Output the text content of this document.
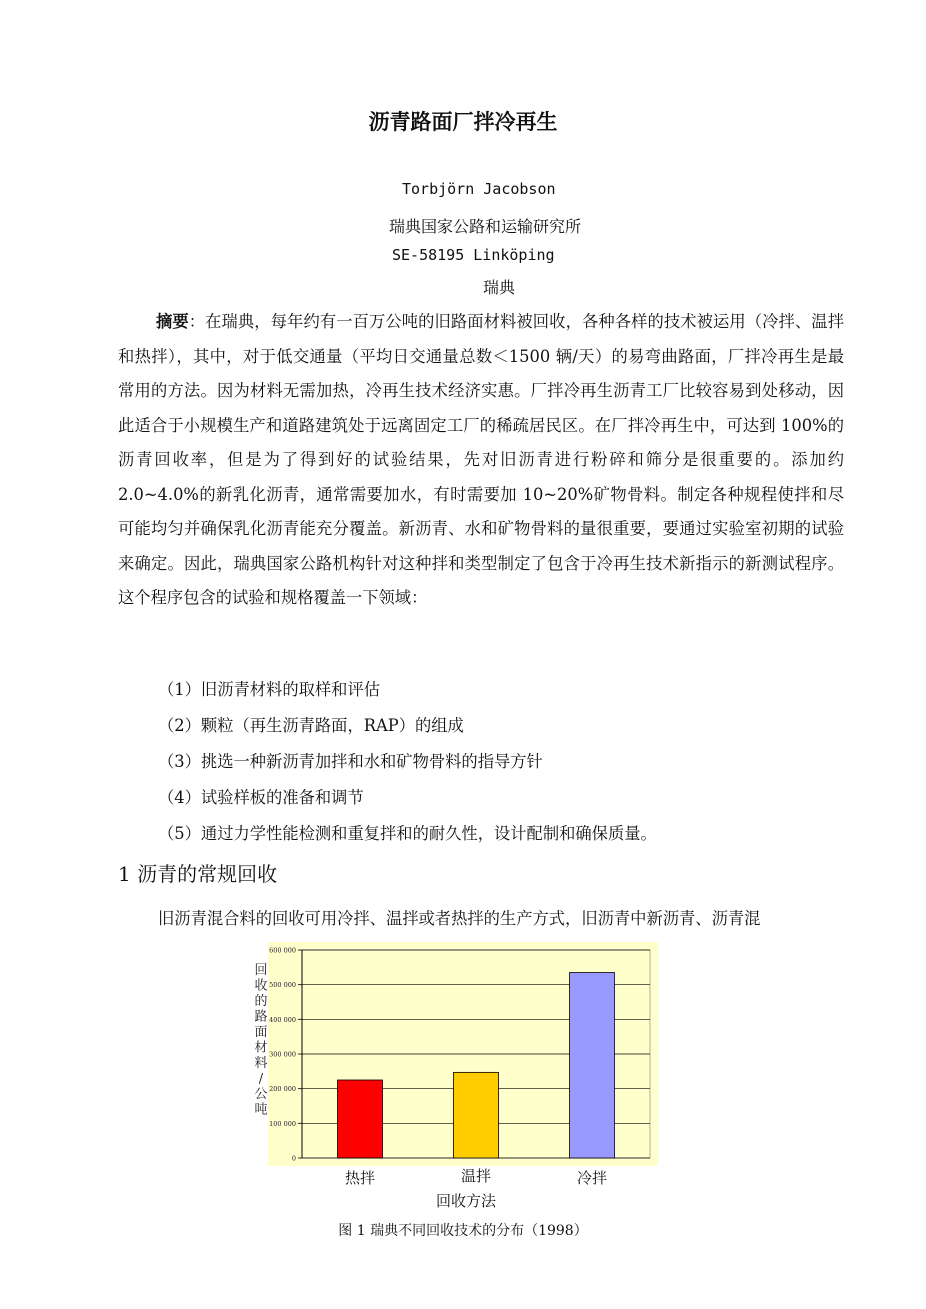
沥青路面厂拌冷再生
Torbjörn Jacobson
瑞典国家公路和运输研究所
SE-58195 Linköping
瑞典
摘要：在瑞典，每年约有一百万公吨的旧路面材料被回收，各种各样的技术被运用（冷拌、温拌和热拌），其中，对于低交通量（平均日交通量总数＜1500 辆/天）的易弯曲路面，厂拌冷再生是最常用的方法。因为材料无需加热，冷再生技术经济实惠。厂拌冷再生沥青工厂比较容易到处移动，因此适合于小规模生产和道路建筑处于远离固定工厂的稀疏居民区。在厂拌冷再生中，可达到 100%的沥青回收率，但是为了得到好的试验结果，先对旧沥青进行粉碎和筛分是很重要的。添加约 2.0~4.0%的新乳化沥青，通常需要加水，有时需要加 10~20%矿物骨料。制定各种规程使拌和尽可能均匀并确保乳化沥青能充分覆盖。新沥青、水和矿物骨料的量很重要，要通过实验室初期的试验来确定。因此，瑞典国家公路机构针对这种拌和类型制定了包含于冷再生技术新指示的新测试程序。这个程序包含的试验和规格覆盖一下领域：
（1）旧沥青材料的取样和评估
（2）颗粒（再生沥青路面，RAP）的组成
（3）挑选一种新沥青加拌和水和矿物骨料的指导方针
（4）试验样板的准备和调节
（5）通过力学性能检测和重复拌和的耐久性，设计配制和确保质量。
1 沥青的常规回收
旧沥青混合料的回收可用冷拌、温拌或者热拌的生产方式，旧沥青中新沥青、沥青混
0
100 000
200 000
300 000
400 000
500 000
600 000
热拌	温拌	冷拌
回收的路面材料/公吨
回收方法
图 1 瑞典不同回收技术的分布（1998）
